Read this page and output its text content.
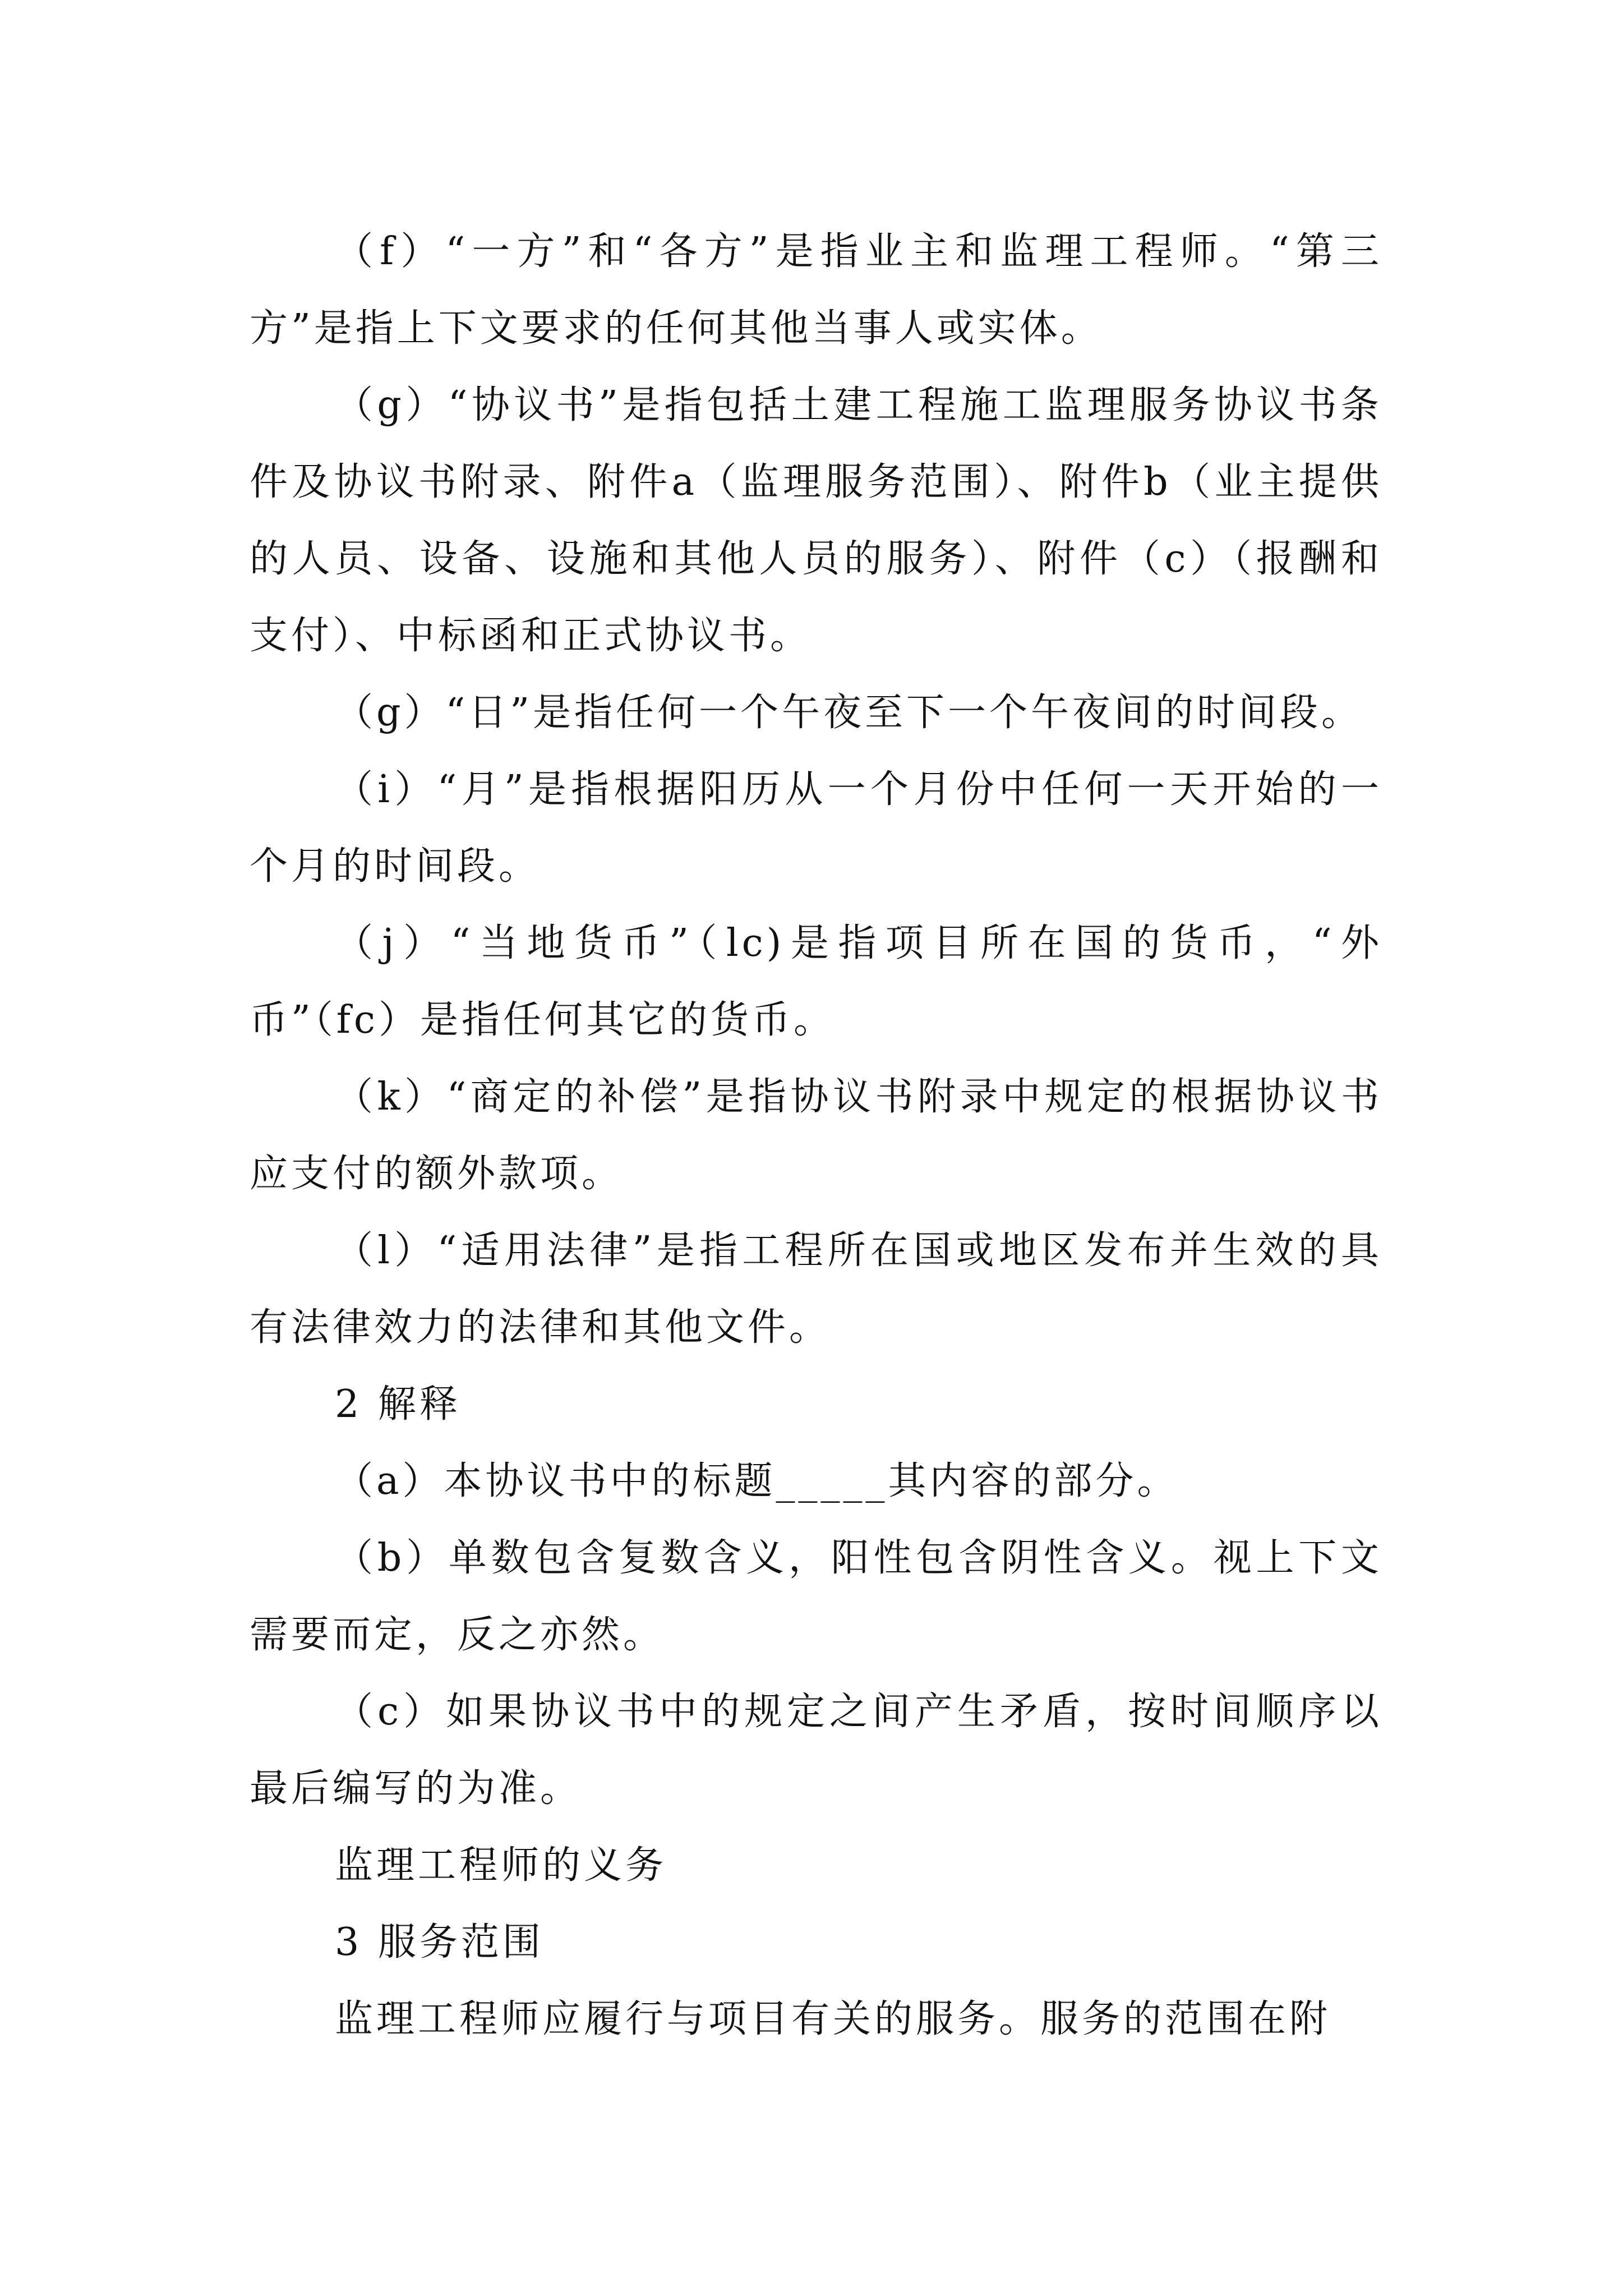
（f）“一方”和“各方”是指业主和监理工程师。“第三方”是指上下文要求的任何其他当事人或实体。

（g）“协议书”是指包括土建工程施工监理服务协议书条件及协议书附录、附件a（监理服务范围）、附件b（业主提供的人员、设备、设施和其他人员的服务）、附件（c）（报酬和支付）、中标函和正式协议书。

（g）“日”是指任何一个午夜至下一个午夜间的时间段。

（i）“月”是指根据阳历从一个月份中任何一天开始的一个月的时间段。

（j）“当地货币”（lc)是指项目所在国的货币，“外币”（fc）是指任何其它的货币。

（k）“商定的补偿”是指协议书附录中规定的根据协议书应支付的额外款项。

（l）“适用法律”是指工程所在国或地区发布并生效的具有法律效力的法律和其他文件。

2 解释

（a）本协议书中的标题_____其内容的部分。

（b）单数包含复数含义，阳性包含阴性含义。视上下文需要而定，反之亦然。

（c）如果协议书中的规定之间产生矛盾，按时间顺序以最后编写的为准。

监理工程师的义务

3 服务范围

监理工程师应履行与项目有关的服务。服务的范围在附
